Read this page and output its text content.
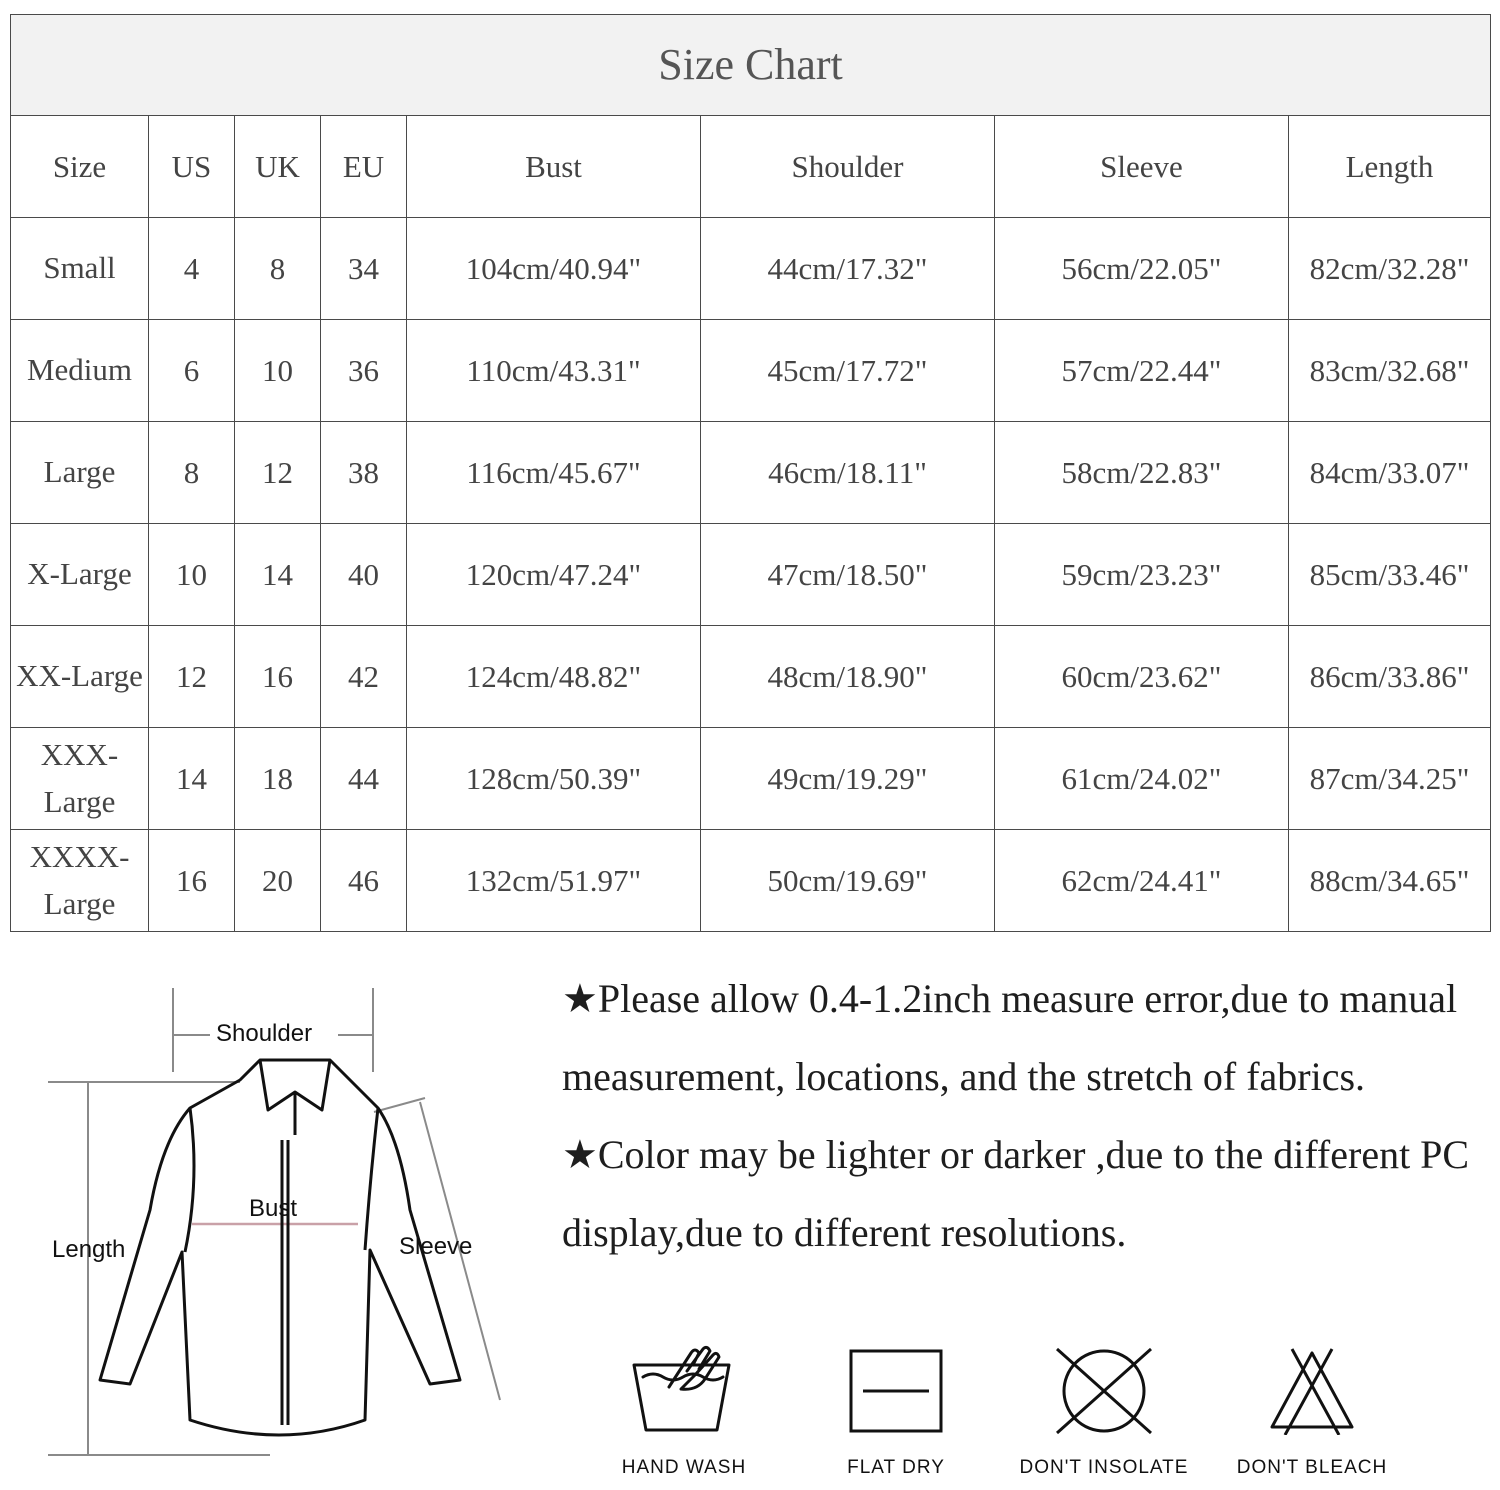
Size Chart							
Size	US	UK	EU	Bust	Shoulder	Sleeve	Length
Small	4	8	34	104cm/40.94"	44cm/17.32"	56cm/22.05"	82cm/32.28"
Medium	6	10	36	110cm/43.31"	45cm/17.72"	57cm/22.44"	83cm/32.68"
Large	8	12	38	116cm/45.67"	46cm/18.11"	58cm/22.83"	84cm/33.07"
X-Large	10	14	40	120cm/47.24"	47cm/18.50"	59cm/23.23"	85cm/33.46"
XX-Large	12	16	42	124cm/48.82"	48cm/18.90"	60cm/23.62"	86cm/33.86"
XXX-Large	14	18	44	128cm/50.39"	49cm/19.29"	61cm/24.02"	87cm/34.25"
XXXX-Large	16	20	46	132cm/51.97"	50cm/19.69"	62cm/24.41"	88cm/34.65"
Shoulder
Bust
Length	Sleeve

★Please allow 0.4-1.2inch measure error,due to manual measurement, locations, and the stretch of fabrics.

★Color may be lighter or darker ,due to the different PC display,due to different resolutions.

HAND WASH	FLAT DRY	DON'T INSOLATE	DON'T BLEACH
